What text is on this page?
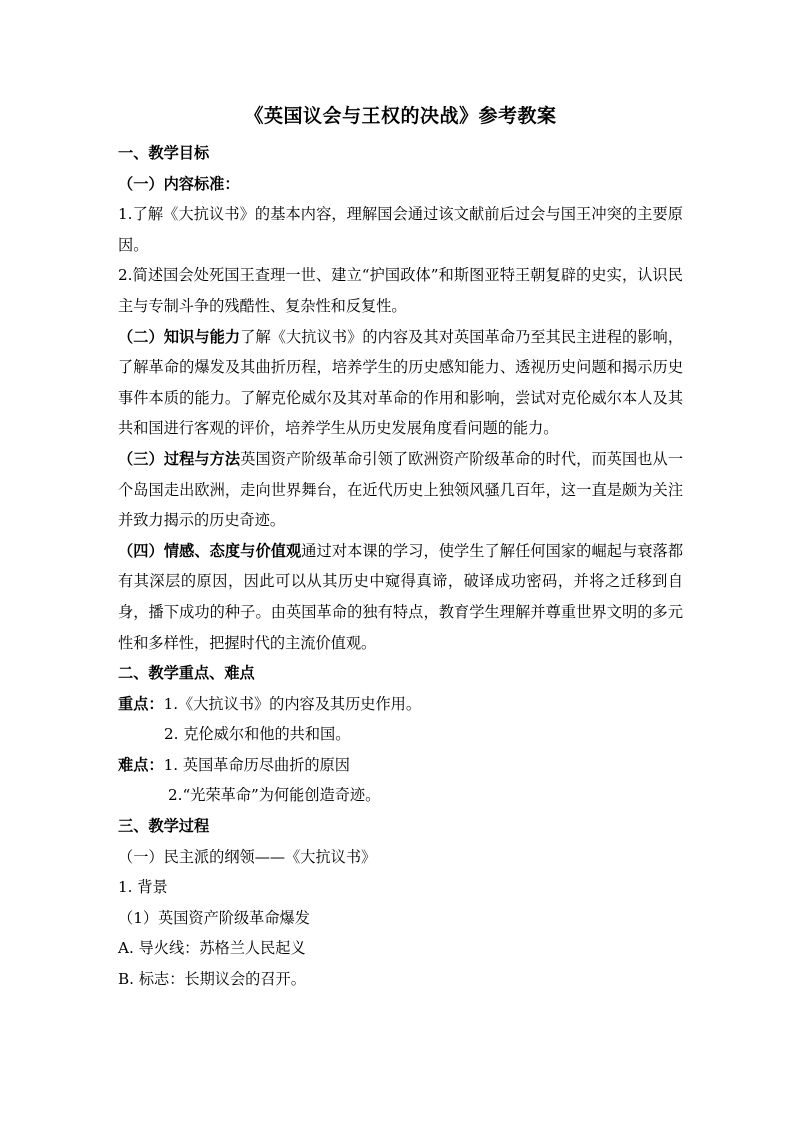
《英国议会与王权的决战》参考教案
一、教学目标
（一）内容标准：

1.了解《大抗议书》的基本内容，理解国会通过该文献前后过会与国王冲突的主要原因。

2.简述国会处死国王查理一世、建立“护国政体”和斯图亚特王朝复辟的史实，认识民主与专制斗争的残酷性、复杂性和反复性。

（二）知识与能力了解《大抗议书》的内容及其对英国革命乃至其民主进程的影响，了解革命的爆发及其曲折历程，培养学生的历史感知能力、透视历史问题和揭示历史事件本质的能力。了解克伦威尔及其对革命的作用和影响，尝试对克伦威尔本人及其共和国进行客观的评价，培养学生从历史发展角度看问题的能力。

（三）过程与方法英国资产阶级革命引领了欧洲资产阶级革命的时代，而英国也从一个岛国走出欧洲，走向世界舞台，在近代历史上独领风骚几百年，这一直是颇为关注并致力揭示的历史奇迹。

（四）情感、态度与价值观通过对本课的学习，使学生了解任何国家的崛起与衰落都有其深层的原因，因此可以从其历史中窥得真谛，破译成功密码，并将之迁移到自身，播下成功的种子。由英国革命的独有特点，教育学生理解并尊重世界文明的多元性和多样性，把握时代的主流价值观。

二、教学重点、难点
重点：1.《大抗议书》的内容及其历史作用。
2. 克伦威尔和他的共和国。
难点：1. 英国革命历尽曲折的原因
2.“光荣革命”为何能创造奇迹。
三、教学过程
（一）民主派的纲领——《大抗议书》
1. 背景
（1）英国资产阶级革命爆发
A. 导火线：苏格兰人民起义
B. 标志：长期议会的召开。
